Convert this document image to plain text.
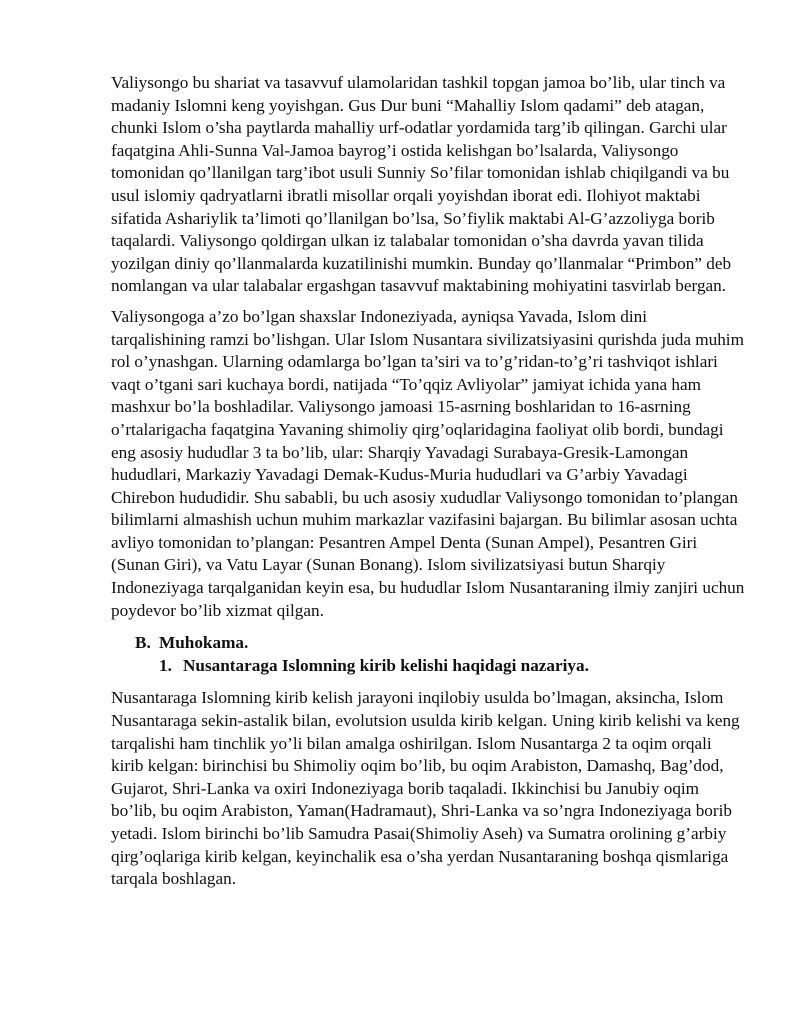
Valiysongo bu shariat va tasavvuf ulamolaridan tashkil topgan jamoa bo’lib, ular tinch va madaniy Islomni keng yoyishgan. Gus Dur buni “Mahalliy Islom qadami” deb atagan, chunki Islom o’sha paytlarda mahalliy urf-odatlar yordamida targ’ib qilingan. Garchi ular faqatgina Ahli-Sunna Val-Jamoa bayrog’i ostida kelishgan bo’lsalarda, Valiysongo tomonidan qo’llanilgan targ’ibot usuli Sunniy So’filar tomonidan ishlab chiqilgandi va bu usul islomiy qadryatlarni ibratli misollar orqali yoyishdan iborat edi. Ilohiyot maktabi sifatida Ashariylik ta’limoti qo’llanilgan bo’lsa, So’fiylik maktabi Al-G’azzoliyga borib taqalardi. Valiysongo qoldirgan ulkan iz talabalar tomonidan o’sha davrda yavan tilida yozilgan diniy qo’llanmalarda kuzatilinishi mumkin. Bunday qo’llanmalar “Primbon” deb nomlangan va ular talabalar ergashgan tasavvuf maktabining mohiyatini tasvirlab bergan.

Valiysongoga a’zo bo’lgan shaxslar Indoneziyada, ayniqsa Yavada, Islom dini tarqalishining ramzi bo’lishgan. Ular Islom Nusantara sivilizatsiyasini qurishda juda muhim rol o’ynashgan. Ularning odamlarga bo’lgan ta’siri va to’g’ridan-to’g’ri tashviqot ishlari vaqt o’tgani sari kuchaya bordi, natijada “To’qqiz Avliyolar” jamiyat ichida yana ham mashxur bo’la boshladilar. Valiysongo jamoasi 15-asrning boshlaridan to 16-asrning o’rtalarigacha faqatgina Yavaning shimoliy qirg’oqlaridagina faoliyat olib bordi, bundagi eng asosiy hududlar 3 ta bo’lib, ular: Sharqiy Yavadagi Surabaya-Gresik-Lamongan hududlari, Markaziy Yavadagi Demak-Kudus-Muria hududlari va G’arbiy Yavadagi Chirebon hududidir. Shu sababli, bu uch asosiy xududlar Valiysongo tomonidan to’plangan bilimlarni almashish uchun muhim markazlar vazifasini bajargan. Bu bilimlar asosan uchta avliyo tomonidan to’plangan: Pesantren Ampel Denta (Sunan Ampel), Pesantren Giri (Sunan Giri), va Vatu Layar (Sunan Bonang). Islom sivilizatsiyasi butun Sharqiy Indoneziyaga tarqalganidan keyin esa, bu hududlar Islom Nusantaraning ilmiy zanjiri uchun poydevor bo’lib xizmat qilgan.

B. Muhokama.
1. Nusantaraga Islomning kirib kelishi haqidagi nazariya.

Nusantaraga Islomning kirib kelish jarayoni inqilobiy usulda bo’lmagan, aksincha, Islom Nusantaraga sekin-astalik bilan, evolutsion usulda kirib kelgan. Uning kirib kelishi va keng tarqalishi ham tinchlik yo’li bilan amalga oshirilgan. Islom Nusantarga 2 ta oqim orqali kirib kelgan: birinchisi bu Shimoliy oqim bo’lib, bu oqim Arabiston, Damashq, Bag’dod, Gujarot, Shri-Lanka va oxiri Indoneziyaga borib taqaladi. Ikkinchisi bu Janubiy oqim bo’lib, bu oqim Arabiston, Yaman(Hadramaut), Shri-Lanka va so’ngra Indoneziyaga borib yetadi. Islom birinchi bo’lib Samudra Pasai(Shimoliy Aseh) va Sumatra orolining g’arbiy qirg’oqlariga kirib kelgan, keyinchalik esa o’sha yerdan Nusantaraning boshqa qismlariga tarqala boshlagan.
